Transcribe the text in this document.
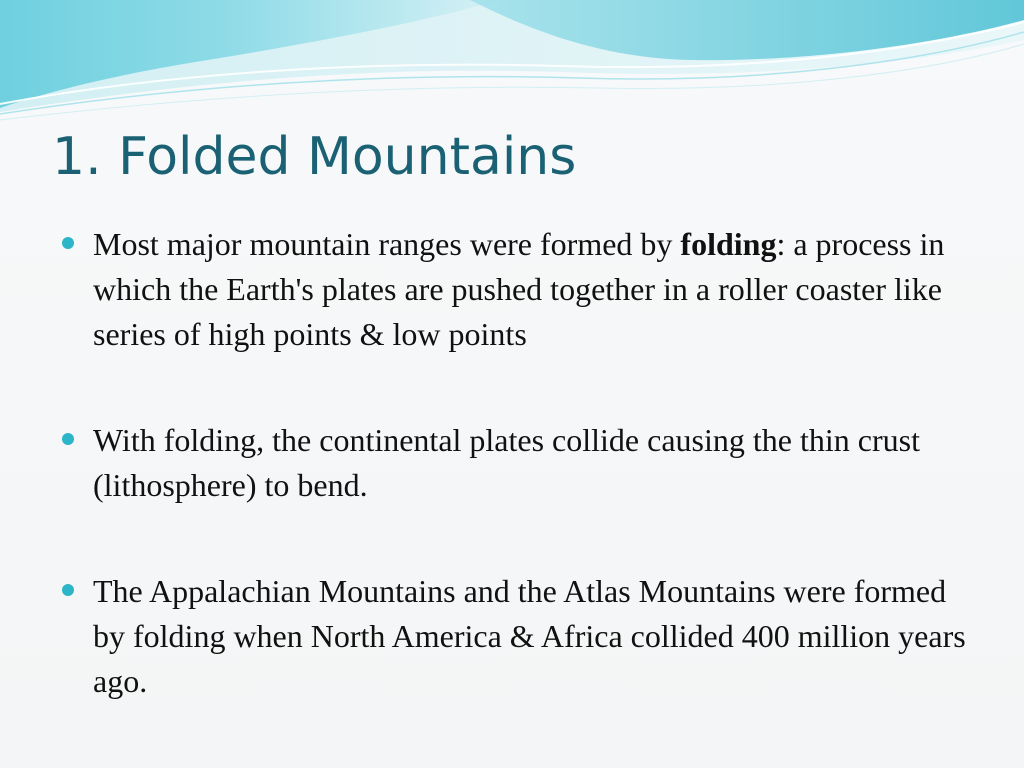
1. Folded Mountains
Most major mountain ranges were formed by folding: a process in which the Earth's plates are pushed together in a roller coaster like series of high points & low points
With folding, the continental plates collide causing the thin crust (lithosphere) to bend.
The Appalachian Mountains and the Atlas Mountains were formed by folding when North America & Africa collided 400 million years ago.
